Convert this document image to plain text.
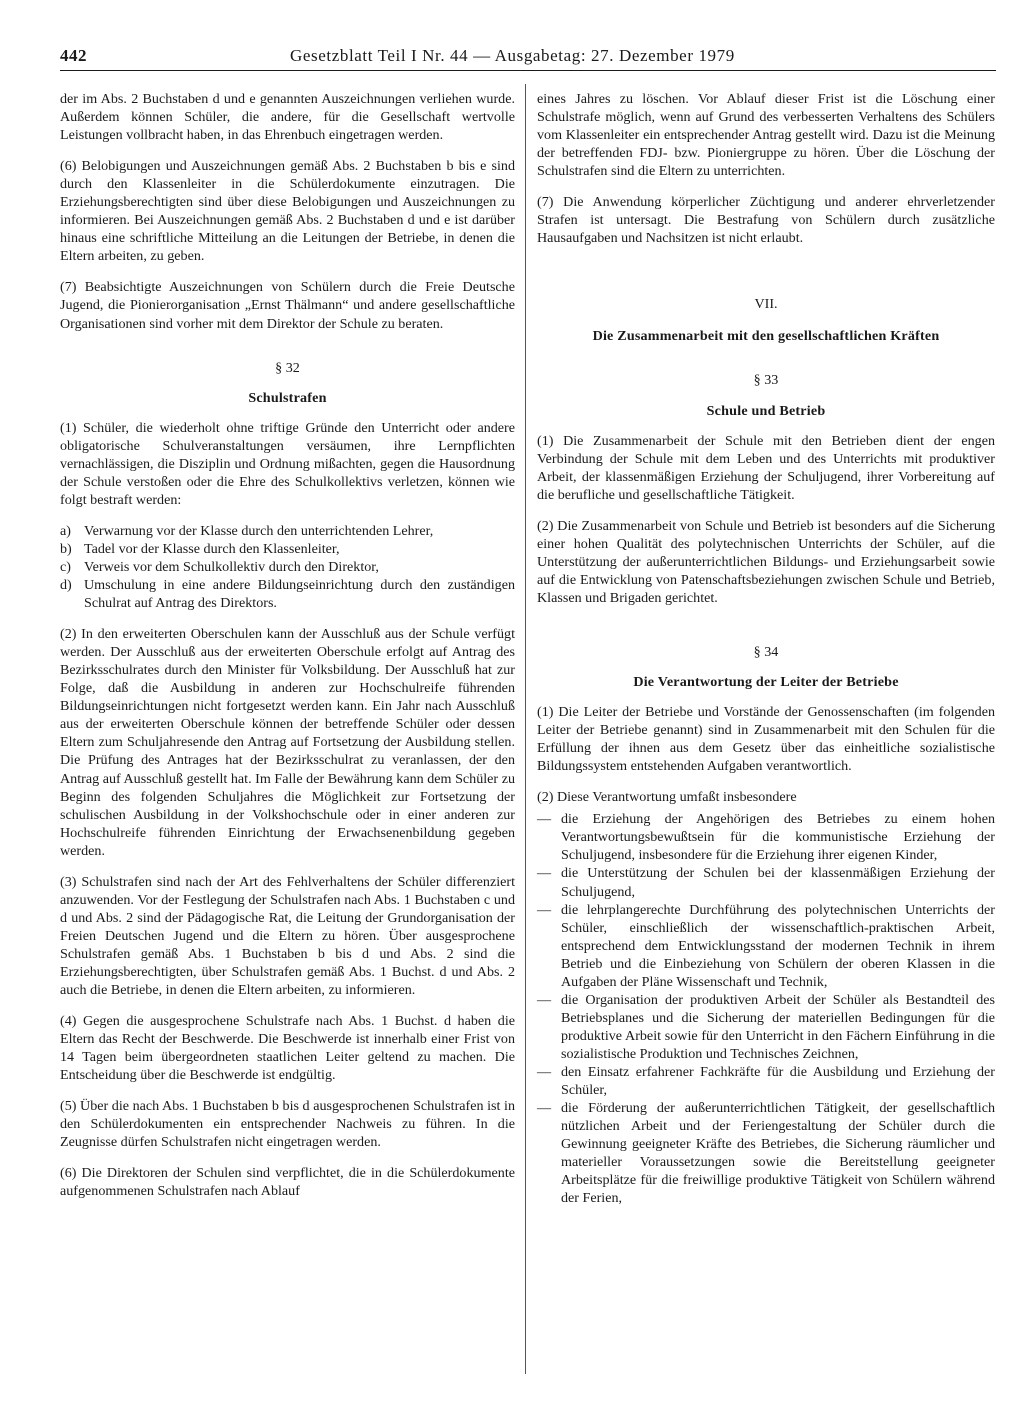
442	Gesetzblatt Teil I Nr. 44 — Ausgabetag: 27. Dezember 1979

der im Abs. 2 Buchstaben d und e genannten Auszeichnungen verliehen wurde. Außerdem können Schüler, die andere, für die Gesellschaft wertvolle Leistungen vollbracht haben, in das Ehrenbuch eingetragen werden.

(6) Belobigungen und Auszeichnungen gemäß Abs. 2 Buchstaben b bis e sind durch den Klassenleiter in die Schülerdokumente einzutragen. Die Erziehungsberechtigten sind über diese Belobigungen und Auszeichnungen zu informieren. Bei Auszeichnungen gemäß Abs. 2 Buchstaben d und e ist darüber hinaus eine schriftliche Mitteilung an die Leitungen der Betriebe, in denen die Eltern arbeiten, zu geben.

(7) Beabsichtigte Auszeichnungen von Schülern durch die Freie Deutsche Jugend, die Pionierorganisation „Ernst Thälmann“ und andere gesellschaftliche Organisationen sind vorher mit dem Direktor der Schule zu beraten.

§ 32
Schulstrafen

(1) Schüler, die wiederholt ohne triftige Gründe den Unterricht oder andere obligatorische Schulveranstaltungen versäumen, ihre Lernpflichten vernachlässigen, die Disziplin und Ordnung mißachten, gegen die Hausordnung der Schule verstoßen oder die Ehre des Schulkollektivs verletzen, können wie folgt bestraft werden:

a) Verwarnung vor der Klasse durch den unterrichtenden Lehrer,
b) Tadel vor der Klasse durch den Klassenleiter,
c) Verweis vor dem Schulkollektiv durch den Direktor,
d) Umschulung in eine andere Bildungseinrichtung durch den zuständigen Schulrat auf Antrag des Direktors.

(2) In den erweiterten Oberschulen kann der Ausschluß aus der Schule verfügt werden. Der Ausschluß aus der erweiterten Oberschule erfolgt auf Antrag des Bezirksschulrates durch den Minister für Volksbildung. Der Ausschluß hat zur Folge, daß die Ausbildung in anderen zur Hochschulreife führenden Bildungseinrichtungen nicht fortgesetzt werden kann. Ein Jahr nach Ausschluß aus der erweiterten Oberschule können der betreffende Schüler oder dessen Eltern zum Schuljahresende den Antrag auf Fortsetzung der Ausbildung stellen. Die Prüfung des Antrages hat der Bezirksschulrat zu veranlassen, der den Antrag auf Ausschluß gestellt hat. Im Falle der Bewährung kann dem Schüler zu Beginn des folgenden Schuljahres die Möglichkeit zur Fortsetzung der schulischen Ausbildung in der Volkshochschule oder in einer anderen zur Hochschulreife führenden Einrichtung der Erwachsenenbildung gegeben werden.

(3) Schulstrafen sind nach der Art des Fehlverhaltens der Schüler differenziert anzuwenden. Vor der Festlegung der Schulstrafen nach Abs. 1 Buchstaben c und d und Abs. 2 sind der Pädagogische Rat, die Leitung der Grundorganisation der Freien Deutschen Jugend und die Eltern zu hören. Über ausgesprochene Schulstrafen gemäß Abs. 1 Buchstaben b bis d und Abs. 2 sind die Erziehungsberechtigten, über Schulstrafen gemäß Abs. 1 Buchst. d und Abs. 2 auch die Betriebe, in denen die Eltern arbeiten, zu informieren.

(4) Gegen die ausgesprochene Schulstrafe nach Abs. 1 Buchst. d haben die Eltern das Recht der Beschwerde. Die Beschwerde ist innerhalb einer Frist von 14 Tagen beim übergeordneten staatlichen Leiter geltend zu machen. Die Entscheidung über die Beschwerde ist endgültig.

(5) Über die nach Abs. 1 Buchstaben b bis d ausgesprochenen Schulstrafen ist in den Schülerdokumenten ein entsprechender Nachweis zu führen. In die Zeugnisse dürfen Schulstrafen nicht eingetragen werden.

(6) Die Direktoren der Schulen sind verpflichtet, die in die Schülerdokumente aufgenommenen Schulstrafen nach Ablauf

eines Jahres zu löschen. Vor Ablauf dieser Frist ist die Löschung einer Schulstrafe möglich, wenn auf Grund des verbesserten Verhaltens des Schülers vom Klassenleiter ein entsprechender Antrag gestellt wird. Dazu ist die Meinung der betreffenden FDJ- bzw. Pioniergruppe zu hören. Über die Löschung der Schulstrafen sind die Eltern zu unterrichten.

(7) Die Anwendung körperlicher Züchtigung und anderer ehrverletzender Strafen ist untersagt. Die Bestrafung von Schülern durch zusätzliche Hausaufgaben und Nachsitzen ist nicht erlaubt.

VII.
Die Zusammenarbeit mit den gesellschaftlichen Kräften
§ 33
Schule und Betrieb

(1) Die Zusammenarbeit der Schule mit den Betrieben dient der engen Verbindung der Schule mit dem Leben und des Unterrichts mit produktiver Arbeit, der klassenmäßigen Erziehung der Schuljugend, ihrer Vorbereitung auf die berufliche und gesellschaftliche Tätigkeit.

(2) Die Zusammenarbeit von Schule und Betrieb ist besonders auf die Sicherung einer hohen Qualität des polytechnischen Unterrichts der Schüler, auf die Unterstützung der außerunterrichtlichen Bildungs- und Erziehungsarbeit sowie auf die Entwicklung von Patenschaftsbeziehungen zwischen Schule und Betrieb, Klassen und Brigaden gerichtet.

§ 34
Die Verantwortung der Leiter der Betriebe

(1) Die Leiter der Betriebe und Vorstände der Genossenschaften (im folgenden Leiter der Betriebe genannt) sind in Zusammenarbeit mit den Schulen für die Erfüllung der ihnen aus dem Gesetz über das einheitliche sozialistische Bildungssystem entstehenden Aufgaben verantwortlich.

(2) Diese Verantwortung umfaßt insbesondere

— die Erziehung der Angehörigen des Betriebes zu einem hohen Verantwortungsbewußtsein für die kommunistische Erziehung der Schuljugend, insbesondere für die Erziehung ihrer eigenen Kinder,
— die Unterstützung der Schulen bei der klassenmäßigen Erziehung der Schuljugend,
— die lehrplangerechte Durchführung des polytechnischen Unterrichts der Schüler, einschließlich der wissenschaftlich-praktischen Arbeit, entsprechend dem Entwicklungsstand der modernen Technik in ihrem Betrieb und die Einbeziehung von Schülern der oberen Klassen in die Aufgaben der Pläne Wissenschaft und Technik,
— die Organisation der produktiven Arbeit der Schüler als Bestandteil des Betriebsplanes und die Sicherung der materiellen Bedingungen für die produktive Arbeit sowie für den Unterricht in den Fächern Einführung in die sozialistische Produktion und Technisches Zeichnen,
— den Einsatz erfahrener Fachkräfte für die Ausbildung und Erziehung der Schüler,
— die Förderung der außerunterrichtlichen Tätigkeit, der gesellschaftlich nützlichen Arbeit und der Feriengestaltung der Schüler durch die Gewinnung geeigneter Kräfte des Betriebes, die Sicherung räumlicher und materieller Voraussetzungen sowie die Bereitstellung geeigneter Arbeitsplätze für die freiwillige produktive Tätigkeit von Schülern während der Ferien,
